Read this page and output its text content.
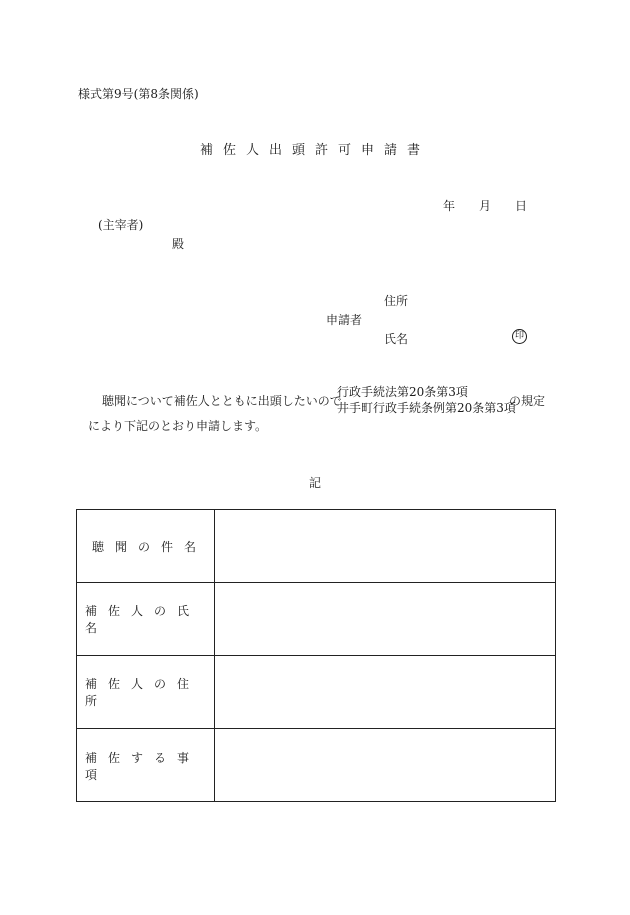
様式第9号(第8条関係)
補佐人出頭許可申請書
年 月 日
(主宰者)
殿
住所
申請者
氏名	印
聴聞について補佐人とともに出頭したいので
行政手続法第20条第3項
井手町行政手続条例第20条第3項
の規定
により下記のとおり申請します。
記
聴聞の件名
補佐人の氏名
補佐人の住所
補佐する事項
